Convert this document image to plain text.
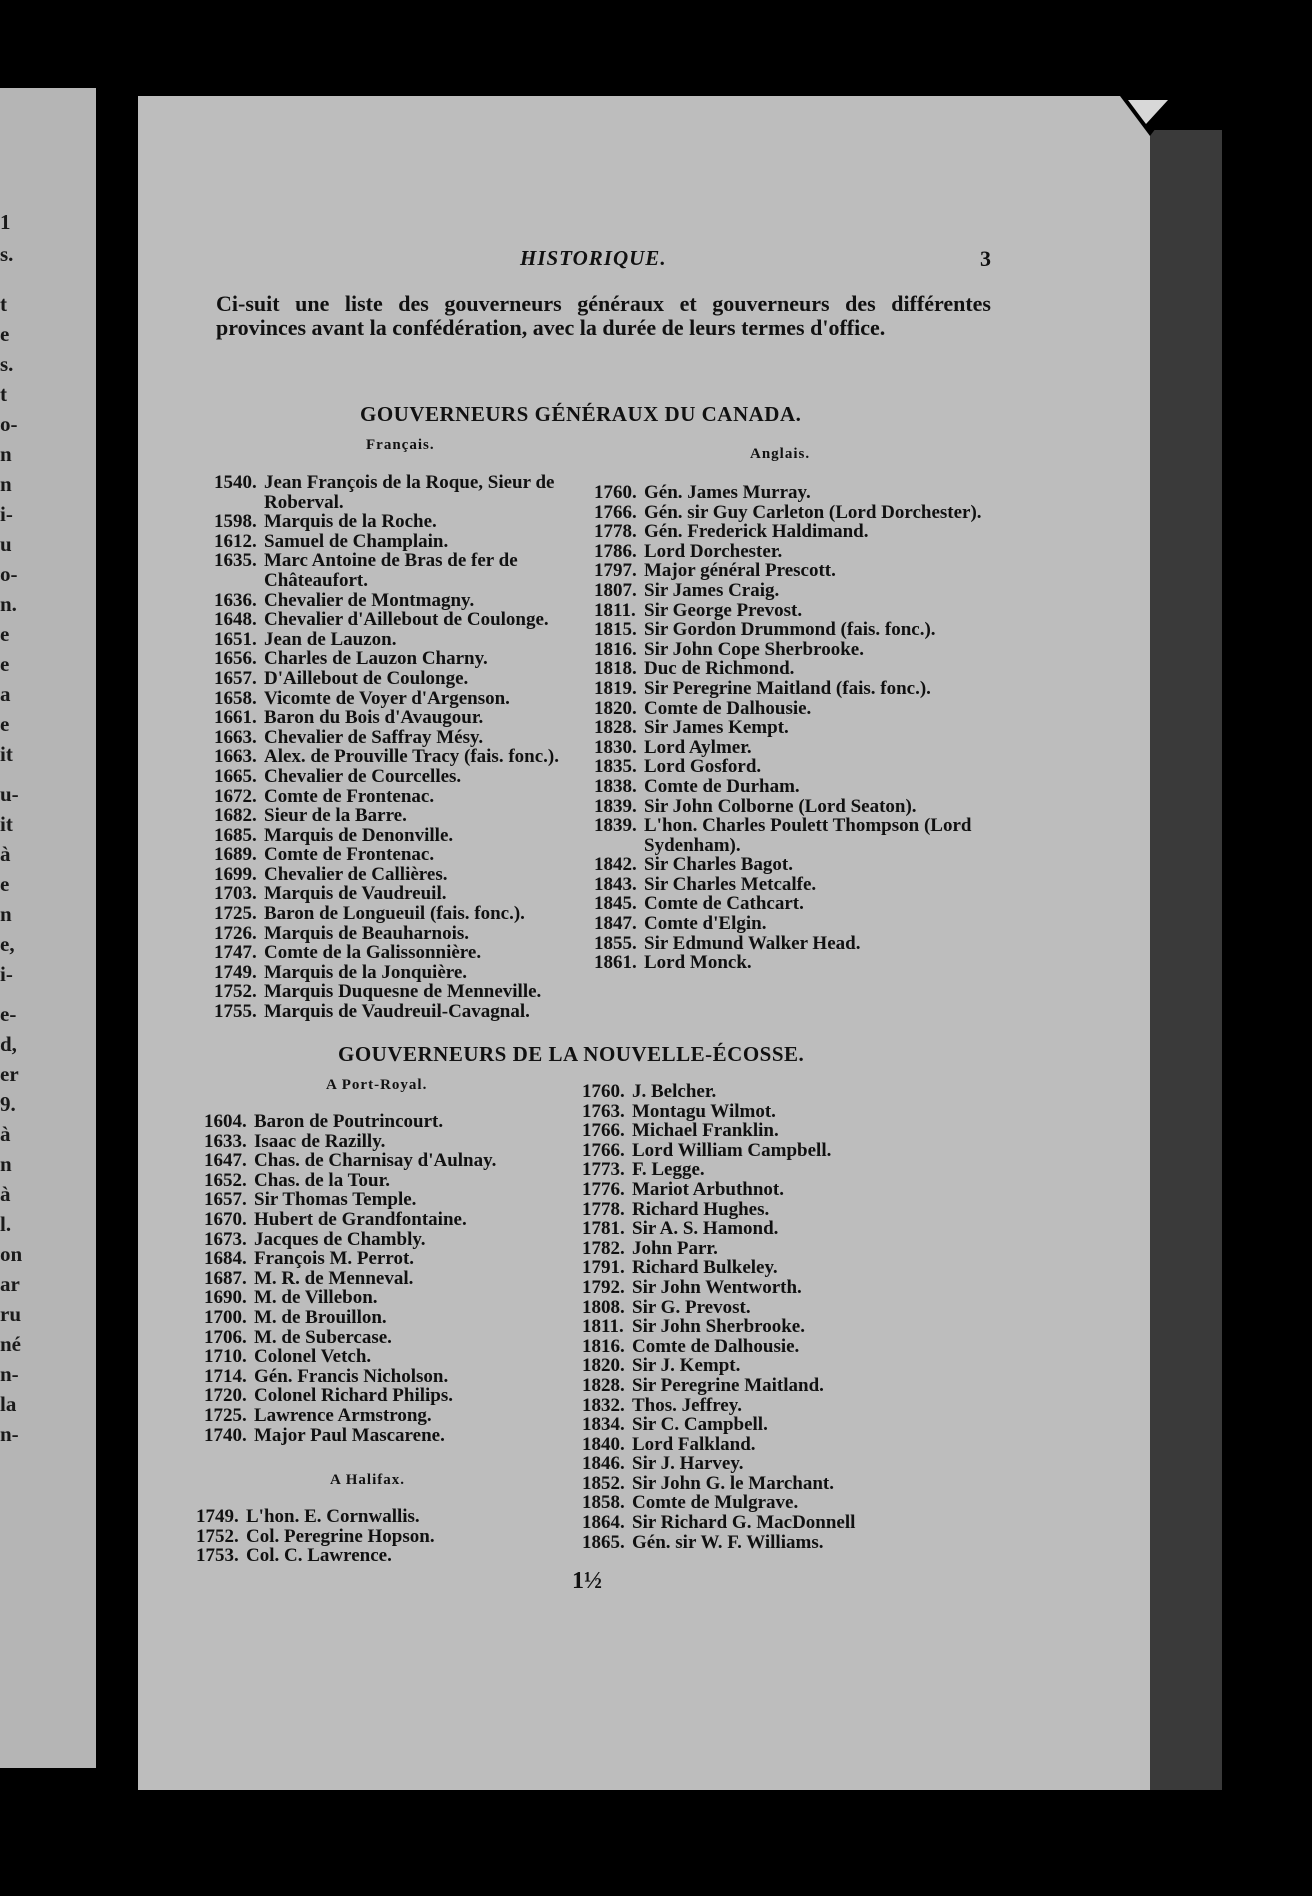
1
s.
t
e
s.
t
o-
n
n
i-
u
o-
n.
e
e
a
e
it
u-
it
à
e
n
e,
i-
e-
d,
er
9.
à
n
à
l.
on
ar
ru
né
n-
la
n-
HISTORIQUE.	3
Ci-suit une liste des gouverneurs généraux et gouverneurs des différentes provinces avant la confédération, avec la durée de leurs termes d'office.
GOUVERNEURS GÉNÉRAUX DU CANADA.
Français.
Anglais.
1540. Jean François de la Roque, Sieur de Roberval.
1598. Marquis de la Roche.
1612. Samuel de Champlain.
1635. Marc Antoine de Bras de fer de Châteaufort.
1636. Chevalier de Montmagny.
1648. Chevalier d'Aillebout de Coulonge.
1651. Jean de Lauzon.
1656. Charles de Lauzon Charny.
1657. D'Aillebout de Coulonge.
1658. Vicomte de Voyer d'Argenson.
1661. Baron du Bois d'Avaugour.
1663. Chevalier de Saffray Mésy.
1663. Alex. de Prouville Tracy (fais. fonc.).
1665. Chevalier de Courcelles.
1672. Comte de Frontenac.
1682. Sieur de la Barre.
1685. Marquis de Denonville.
1689. Comte de Frontenac.
1699. Chevalier de Callières.
1703. Marquis de Vaudreuil.
1725. Baron de Longueuil (fais. fonc.).
1726. Marquis de Beauharnois.
1747. Comte de la Galissonnière.
1749. Marquis de la Jonquière.
1752. Marquis Duquesne de Menneville.
1755. Marquis de Vaudreuil-Cavagnal.
1760. Gén. James Murray.
1766. Gén. sir Guy Carleton (Lord Dorchester).
1778. Gén. Frederick Haldimand.
1786. Lord Dorchester.
1797. Major général Prescott.
1807. Sir James Craig.
1811. Sir George Prevost.
1815. Sir Gordon Drummond (fais. fonc.).
1816. Sir John Cope Sherbrooke.
1818. Duc de Richmond.
1819. Sir Peregrine Maitland (fais. fonc.).
1820. Comte de Dalhousie.
1828. Sir James Kempt.
1830. Lord Aylmer.
1835. Lord Gosford.
1838. Comte de Durham.
1839. Sir John Colborne (Lord Seaton).
1839. L'hon. Charles Poulett Thompson (Lord Sydenham).
1842. Sir Charles Bagot.
1843. Sir Charles Metcalfe.
1845. Comte de Cathcart.
1847. Comte d'Elgin.
1855. Sir Edmund Walker Head.
1861. Lord Monck.
GOUVERNEURS DE LA NOUVELLE-ÉCOSSE.
A Port-Royal.
1604. Baron de Poutrincourt.
1633. Isaac de Razilly.
1647. Chas. de Charnisay d'Aulnay.
1652. Chas. de la Tour.
1657. Sir Thomas Temple.
1670. Hubert de Grandfontaine.
1673. Jacques de Chambly.
1684. François M. Perrot.
1687. M. R. de Menneval.
1690. M. de Villebon.
1700. M. de Brouillon.
1706. M. de Subercase.
1710. Colonel Vetch.
1714. Gén. Francis Nicholson.
1720. Colonel Richard Philips.
1725. Lawrence Armstrong.
1740. Major Paul Mascarene.
A Halifax.
1749. L'hon. E. Cornwallis.
1752. Col. Peregrine Hopson.
1753. Col. C. Lawrence.
1760. J. Belcher.
1763. Montagu Wilmot.
1766. Michael Franklin.
1766. Lord William Campbell.
1773. F. Legge.
1776. Mariot Arbuthnot.
1778. Richard Hughes.
1781. Sir A. S. Hamond.
1782. John Parr.
1791. Richard Bulkeley.
1792. Sir John Wentworth.
1808. Sir G. Prevost.
1811. Sir John Sherbrooke.
1816. Comte de Dalhousie.
1820. Sir J. Kempt.
1828. Sir Peregrine Maitland.
1832. Thos. Jeffrey.
1834. Sir C. Campbell.
1840. Lord Falkland.
1846. Sir J. Harvey.
1852. Sir John G. le Marchant.
1858. Comte de Mulgrave.
1864. Sir Richard G. MacDonnell
1865. Gén. sir W. F. Williams.
1½
